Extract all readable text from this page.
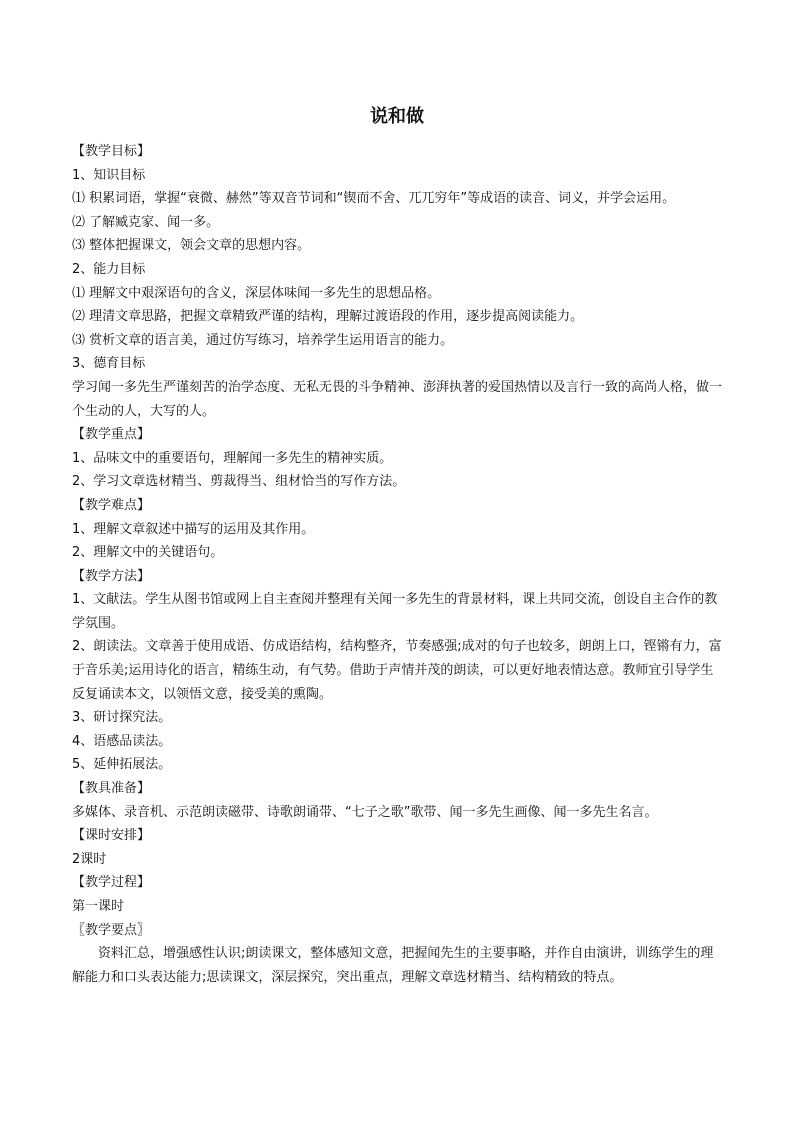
说和做

【教学目标】

1、知识目标

⑴ 积累词语，掌握“衰微、赫然”等双音节词和“锲而不舍、兀兀穷年”等成语的读音、词义，并学会运用。

⑵ 了解臧克家、闻一多。

⑶ 整体把握课文，领会文章的思想内容。

2、能力目标

⑴ 理解文中艰深语句的含义，深层体味闻一多先生的思想品格。

⑵ 理清文章思路，把握文章精致严谨的结构，理解过渡语段的作用，逐步提高阅读能力。

⑶ 赏析文章的语言美，通过仿写练习，培养学生运用语言的能力。

3、德育目标

学习闻一多先生严谨刻苦的治学态度、无私无畏的斗争精神、澎湃执著的爱国热情以及言行一致的高尚人格，做一个生动的人，大写的人。

【教学重点】

1、品味文中的重要语句，理解闻一多先生的精神实质。

2、学习文章选材精当、剪裁得当、组材恰当的写作方法。

【教学难点】

1、理解文章叙述中描写的运用及其作用。

2、理解文中的关键语句。

【教学方法】

1、文献法。学生从图书馆或网上自主查阅并整理有关闻一多先生的背景材料，课上共同交流，创设自主合作的教学氛围。

2、朗读法。文章善于使用成语、仿成语结构，结构整齐，节奏感强;成对的句子也较多，朗朗上口，铿锵有力，富于音乐美;运用诗化的语言，精练生动，有气势。借助于声情并茂的朗读，可以更好地表情达意。教师宜引导学生反复诵读本文，以领悟文意，接受美的熏陶。

3、研讨探究法。

4、语感品读法。

5、延伸拓展法。

【教具准备】

多媒体、录音机、示范朗读磁带、诗歌朗诵带、“七子之歌”歌带、闻一多先生画像、闻一多先生名言。

【课时安排】

2课时

【教学过程】

第一课时

〖教学要点〗

资料汇总，增强感性认识;朗读课文，整体感知文意，把握闻先生的主要事略，并作自由演讲，训练学生的理解能力和口头表达能力;思读课文，深层探究，突出重点，理解文章选材精当、结构精致的特点。
